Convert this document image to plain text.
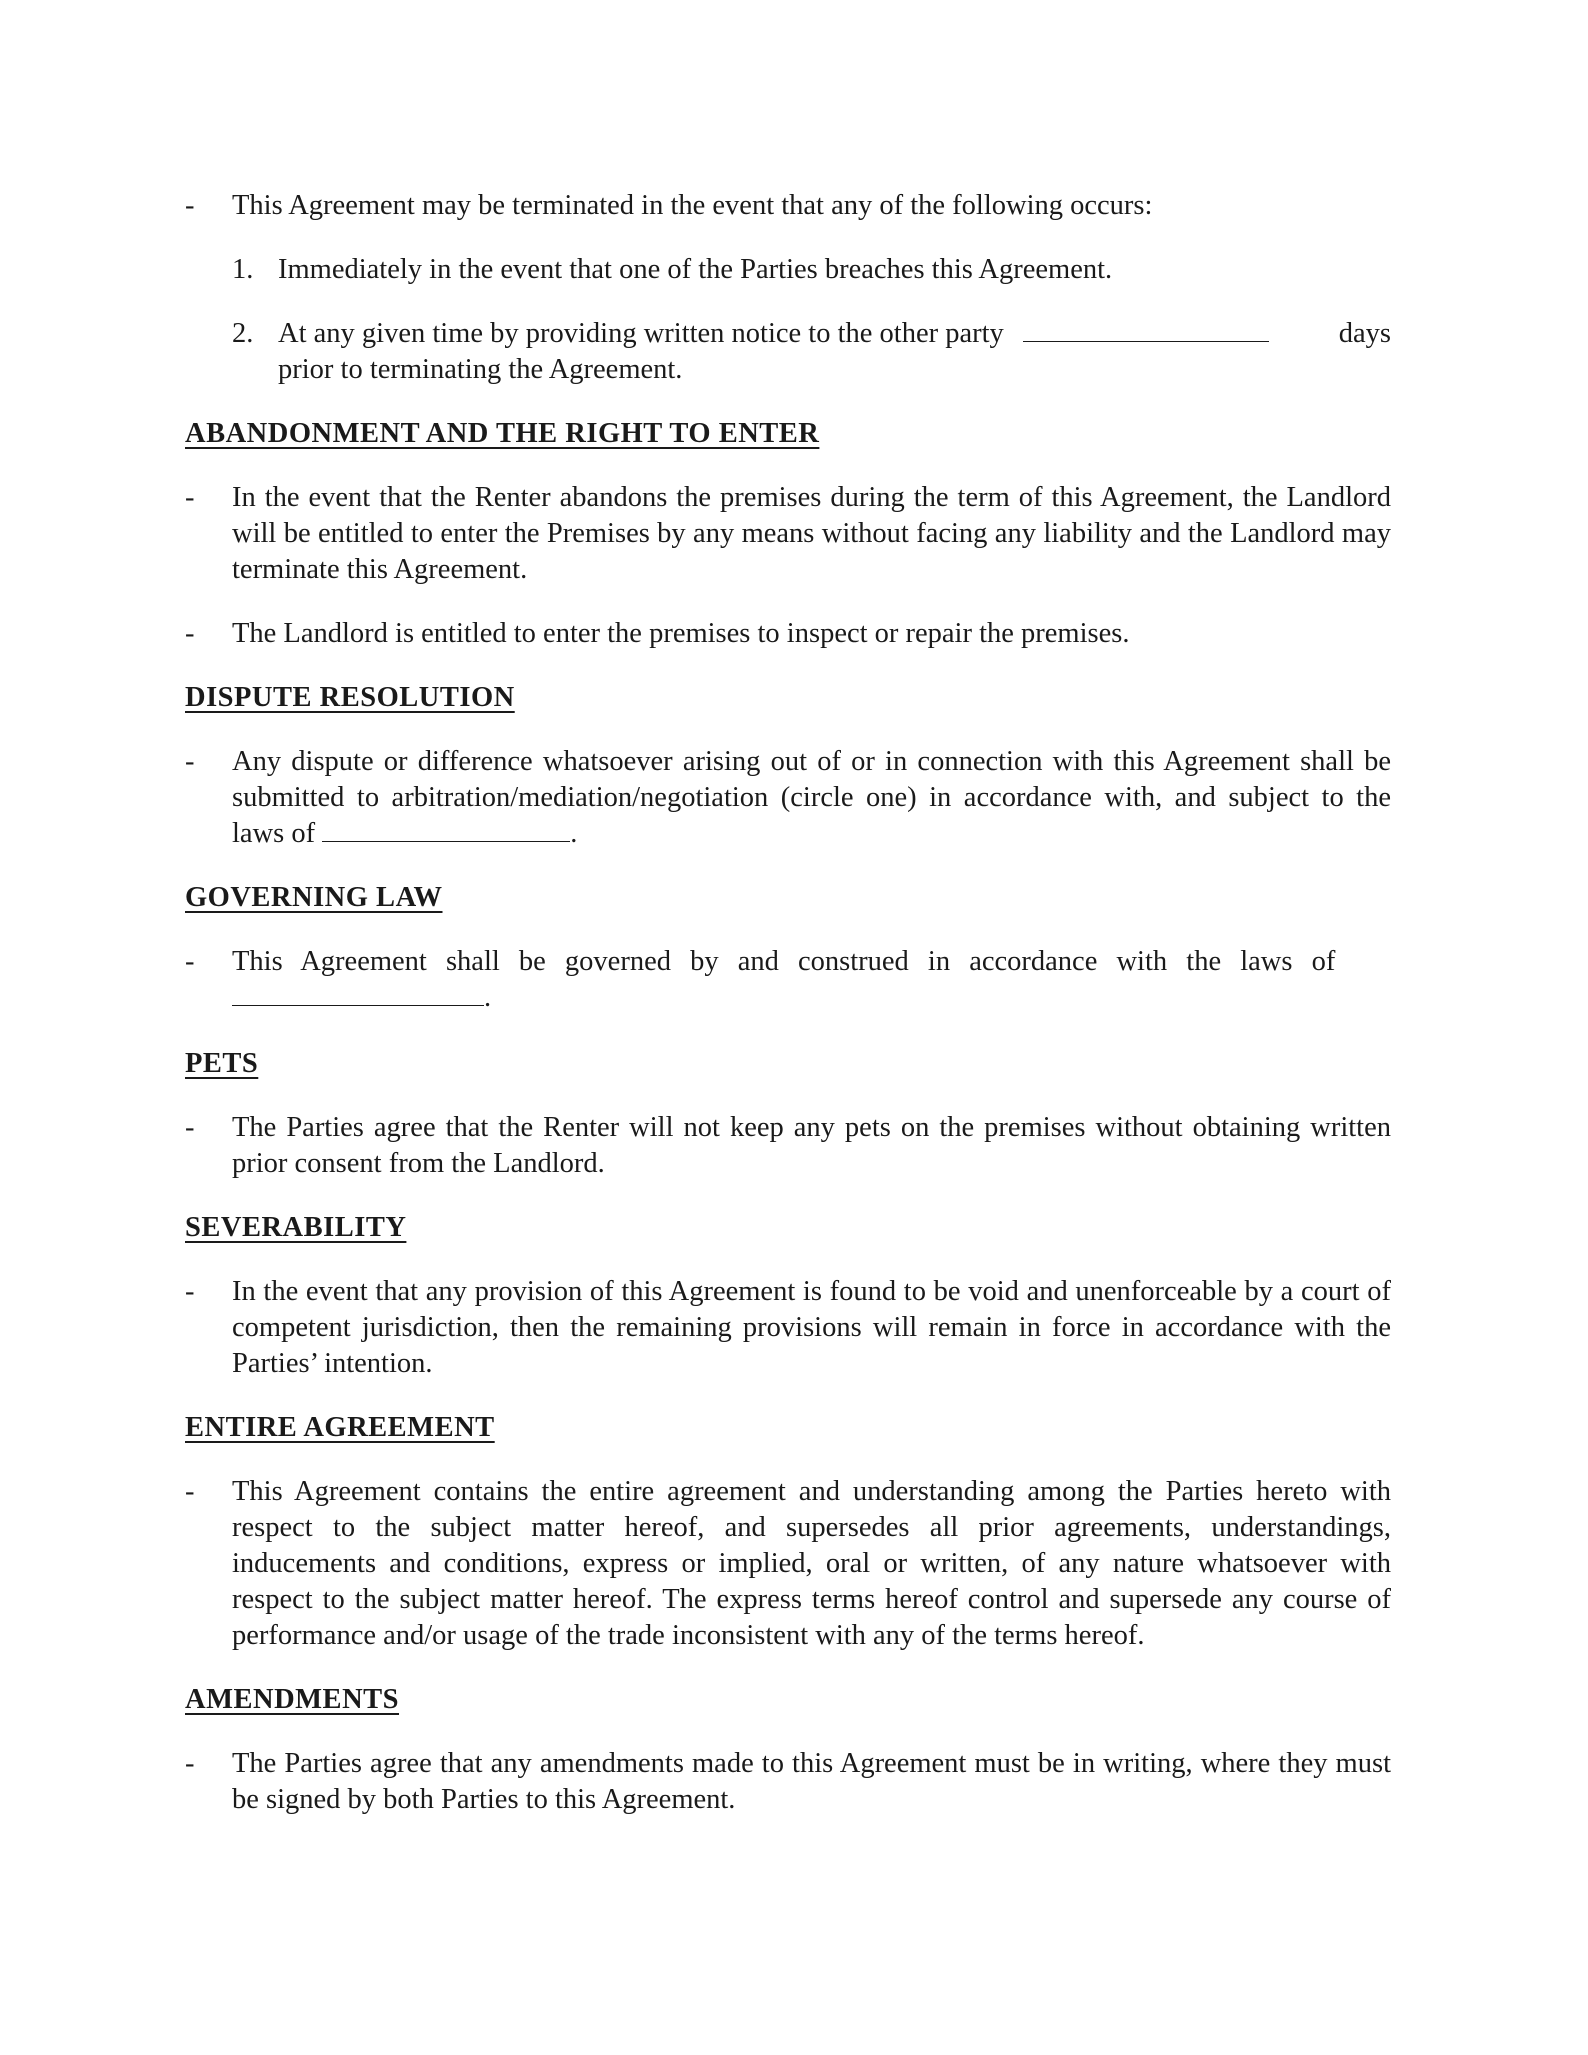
- This Agreement may be terminated in the event that any of the following occurs:
1. Immediately in the event that one of the Parties breaches this Agreement.
2. At any given time by providing written notice to the other party	days
prior to terminating the Agreement.
ABANDONMENT AND THE RIGHT TO ENTER
- In the event that the Renter abandons the premises during the term of this Agreement, the Landlord will be entitled to enter the Premises by any means without facing any liability and the Landlord may terminate this Agreement.
- The Landlord is entitled to enter the premises to inspect or repair the premises.
DISPUTE RESOLUTION
- Any dispute or difference whatsoever arising out of or in connection with this Agreement shall be submitted to arbitration/mediation/negotiation (circle one) in accordance with, and subject to the laws of	.
GOVERNING LAW
- This Agreement shall be governed by and construed in accordance with the laws of
.
PETS
- The Parties agree that the Renter will not keep any pets on the premises without obtaining written prior consent from the Landlord.
SEVERABILITY
- In the event that any provision of this Agreement is found to be void and unenforceable by a court of competent jurisdiction, then the remaining provisions will remain in force in accordance with the Parties’ intention.
ENTIRE AGREEMENT
- This Agreement contains the entire agreement and understanding among the Parties hereto with respect to the subject matter hereof, and supersedes all prior agreements, understandings, inducements and conditions, express or implied, oral or written, of any nature whatsoever with respect to the subject matter hereof. The express terms hereof control and supersede any course of performance and/or usage of the trade inconsistent with any of the terms hereof.
AMENDMENTS
- The Parties agree that any amendments made to this Agreement must be in writing, where they must be signed by both Parties to this Agreement.
